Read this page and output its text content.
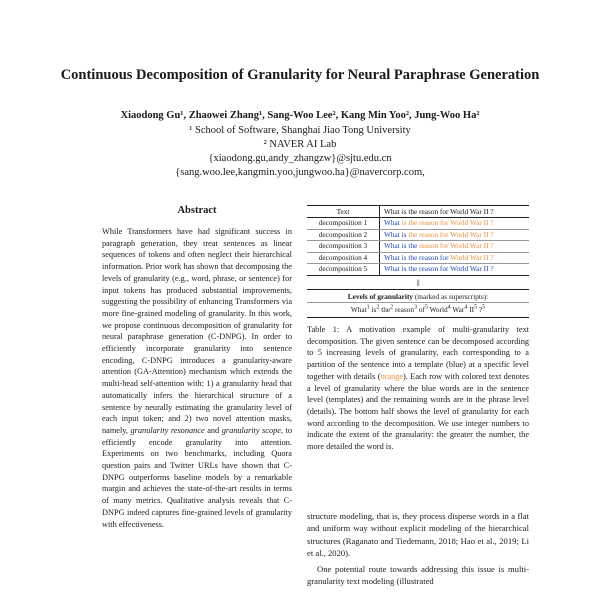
Continuous Decomposition of Granularity for Neural Paraphrase Generation
Xiaodong Gu¹, Zhaowei Zhang¹, Sang-Woo Lee², Kang Min Yoo², Jung-Woo Ha²
¹ School of Software, Shanghai Jiao Tong University
² NAVER AI Lab
{xiaodong.gu,andy_zhangzw}@sjtu.edu.cn
{sang.woo.lee,kangmin.yoo,jungwoo.ha}@navercorp.com,
Abstract

While Transformers have had significant success in paragraph generation, they treat sentences as linear sequences of tokens and often neglect their hierarchical information. Prior work has shown that decomposing the levels of granularity (e.g., word, phrase, or sentence) for input tokens has produced substantial improvements, suggesting the possibility of enhancing Transformers via more fine-grained modeling of granularity. In this work, we propose continuous decomposition of granularity for neural paraphrase generation (C-DNPG). In order to efficiently incorporate granularity into sentence encoding, C-DNPG introduces a granularity-aware attention (GA-Attention) mechanism which extends the multi-head self-attention with: 1) a granularity head that automatically infers the hierarchical structure of a sentence by neurally estimating the granularity level of each input token; and 2) two novel attention masks, namely, granularity resonance and granularity scope, to efficiently encode granularity into attention. Experiments on two benchmarks, including Quora question pairs and Twitter URLs have shown that C-DNPG outperforms baseline models by a remarkable margin and achieves the state-of-the-art results in terms of many metrics. Qualitative analysis reveals that C-DNPG indeed captures fine-grained levels of granularity with effectiveness.

Text	What is the reason for World War II ?
decomposition 1	What is the reason for World War II ?
decomposition 2	What is the reason for World War II ?
decomposition 3	What is the reason for World War II ?
decomposition 4	What is the reason for World War II ?
decomposition 5	What is the reason for World War II ?
⇓
Levels of granularity (marked as superscripts):
What$^1$ $is^2$ the$^2$ reason$^3$ $of^5$ World$^4$ War$^4$ $II^5$ ?$^5$

Table 1: A motivation example of multi-granularity text decomposition. The given sentence can be decomposed according to 5 increasing levels of granularity, each corresponding to a partition of the sentence into a template (blue) at a specific level together with details (orange). Each row with colored text denotes a level of granularity where the blue words are in the sentence level (templates) and the remaining words are in the phrase level (details). The bottom half shows the level of granularity for each word according to the decomposition. We use integer numbers to indicate the extent of the granularity: the greater the number, the more detailed the word is.

structure modeling, that is, they process disperse words in a flat and uniform way without explicit modeling of the hierarchical structures (Raganato and Tiedemann, 2018; Hao et al., 2019; Li et al., 2020).

One potential route towards addressing this issue is multi-granularity text modeling (illustrated
